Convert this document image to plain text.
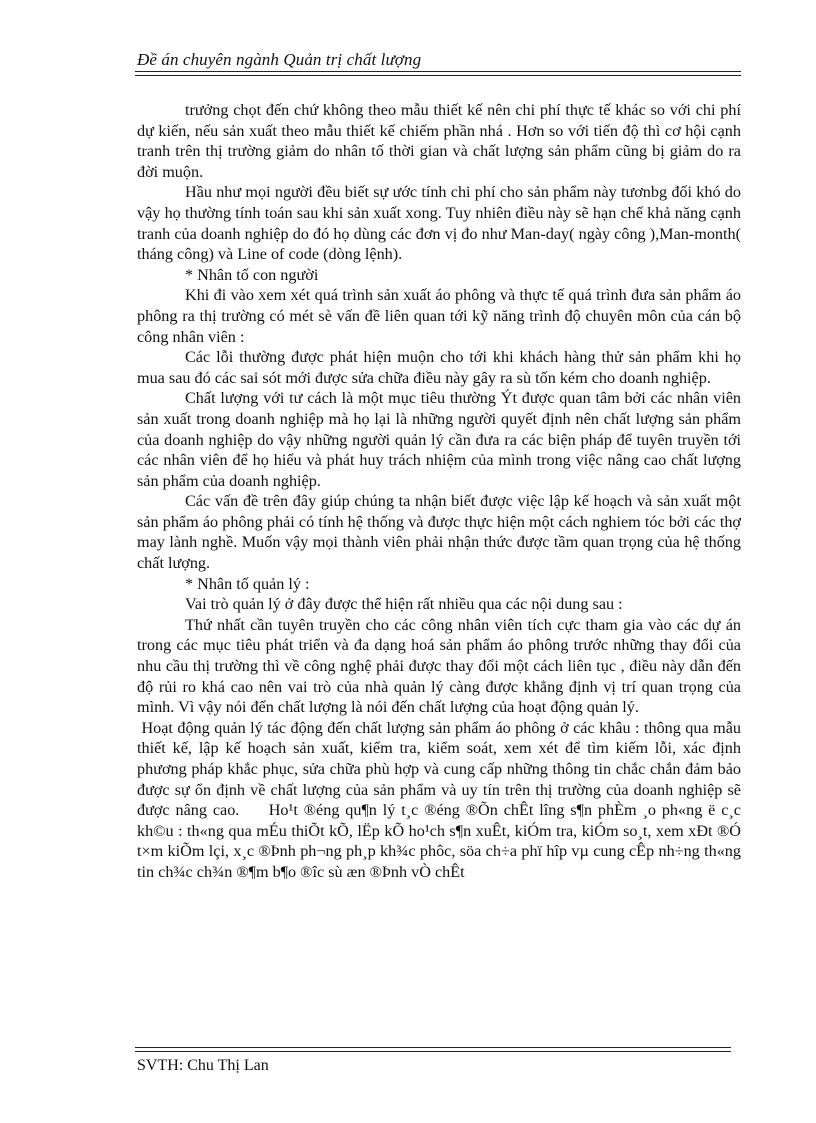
Đề án chuyên ngành Quản trị chất lượng

trưởng chọt đến chứ không theo mẫu thiết kế nên chi phí thực tế khác so với chi phí dự kiến, nếu sản xuất theo mẫu thiết kế chiếm phần nhá . Hơn so với tiến độ thì cơ hội cạnh tranh trên thị trường giảm do nhân tố thời gian và chất lượng sản phẩm cũng bị giảm do ra đời muộn.

Hầu như mọi người đều biết sự ước tính chi phí cho sản phẩm này tươnbg đối khó do vậy họ thường tính toán sau khi sản xuất xong. Tuy nhiên điều này sẽ hạn chế khả năng cạnh tranh của doanh nghiệp do đó họ dùng các đơn vị đo như Man-day( ngày công ),Man-month( tháng công) và Line of code (dòng lệnh).

* Nhân tố con người

Khi đi vào xem xét quá trình sản xuất áo phông và thực tế quá trình đưa sản phẩm áo phông ra thị trường có mét sè vấn đề liên quan tới kỹ năng trình độ chuyên môn của cán bộ công nhân viên :

Các lỗi thường được phát hiện muộn cho tới khi khách hàng thử sản phẩm khi họ mua sau đó các sai sót mới được sửa chữa điều này gây ra sù tốn kém cho doanh nghiệp.

Chất lượng với tư cách là một mục tiêu thường Ýt được quan tâm bởi các nhân viên sản xuất trong doanh nghiệp mà họ lại là những người quyết định nên chất lượng sản phẩm của doanh nghiệp do vậy những người quản lý cần đưa ra các biện pháp để tuyên truyền tới các nhân viên để họ hiểu và phát huy trách nhiệm của mình trong việc nâng cao chất lượng sản phẩm của doanh nghiệp.

Các vấn đề trên đây giúp chúng ta nhận biết được việc lập kế hoạch và sản xuất một sản phẩm áo phông phải có tính hệ thống và được thực hiện một cách nghiem tóc bởi các thợ may lành nghề. Muốn vậy mọi thành viên phải nhận thức được tầm quan trọng của hệ thống chất lượng.

* Nhân tố quản lý :

Vai trò quản lý ở đây được thể hiện rất nhiều qua các nội dung sau :

Thứ nhất cần tuyên truyền cho các công nhân viên tích cực tham gia vào các dự án trong các mục tiêu phát triển và đa dạng hoá sản phẩm áo phông trước những thay đổi của nhu cầu thị trường thì về công nghệ phải được thay đổi một cách liên tục , điều này dẫn đến độ rủi ro khá cao nên vai trò của nhà quản lý càng được khẳng định vị trí quan trọng của mình. Vì vậy nói đến chất lượng là nói đến chất lượng của hoạt động quản lý.

Hoạt động quản lý tác động đến chất lượng sản phẩm áo phông ở các khâu : thông qua mẫu thiết kế, lập kế hoạch sản xuất, kiểm tra, kiểm soát, xem xét để tìm kiếm lỗi, xác định phương pháp khắc phục, sửa chữa phù hợp và cung cấp những thông tin chắc chắn đảm bảo được sự ổn định về chất lượng của sản phẩm và uy tín trên thị trường của doanh nghiệp sẽ được nâng cao.     Ho¹t ®éng qu¶n lý t¸c ®éng ®Õn chÊt lîng s¶n phÈm ¸o ph«ng ë c¸c kh©u : th«ng qua mÉu thiÕt kÕ, lËp kÕ ho¹ch s¶n xuÊt, kiÓm tra, kiÓm so¸t, xem xÐt ®Ó t×m kiÕm lçi, x¸c ®Þnh ph¬ng ph¸p kh¾c phôc, söa ch÷a phï hîp vµ cung cÊp nh÷ng th«ng tin ch¾c ch¾n ®¶m b¶o ®îc sù æn ®Þnh vÒ chÊt

SVTH: Chu Thị Lan
